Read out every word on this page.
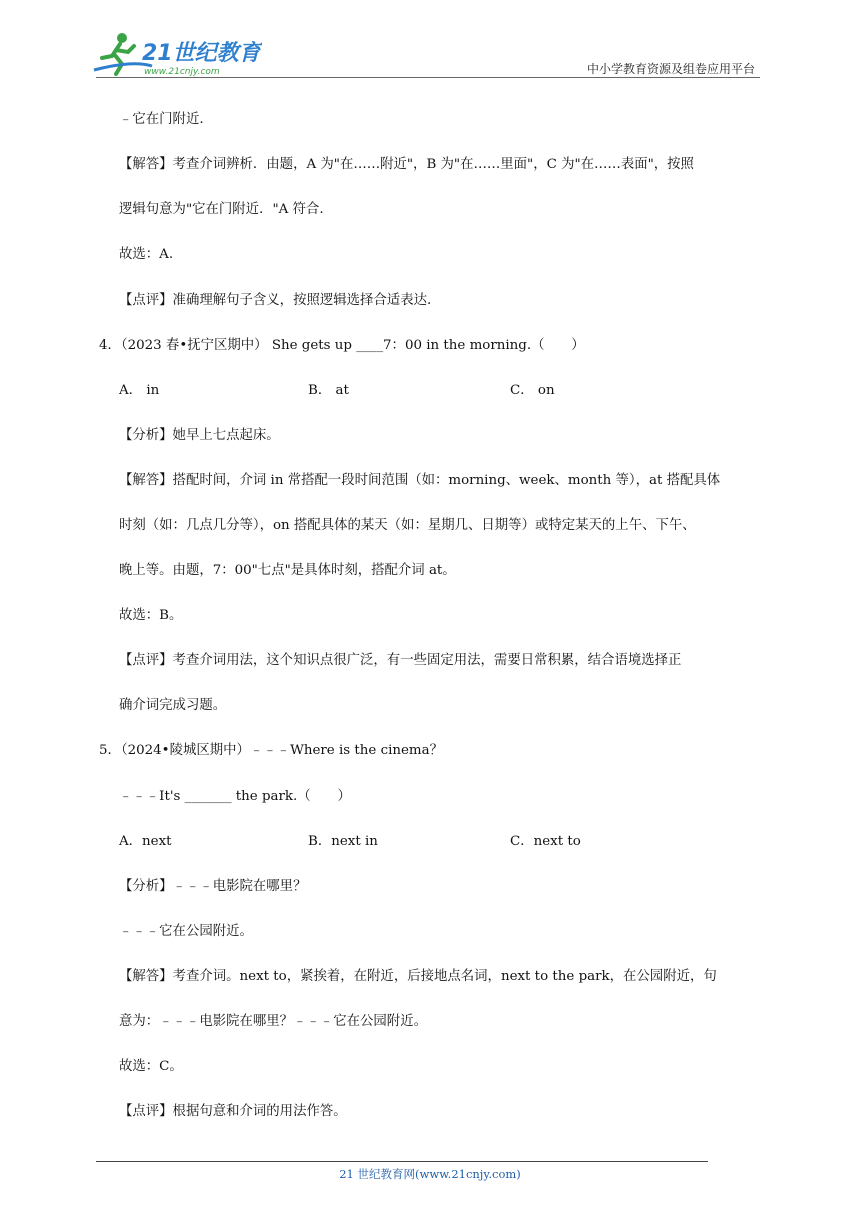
21世纪教育
www.21cnjy.com	中小学教育资源及组卷应用平台
﹣它在门附近.
【解答】考查介词辨析．由题，A 为"在……附近"，B 为"在……里面"，C 为"在……表面"，按照
逻辑句意为"它在门附近．"A 符合.
故选：A.
【点评】准确理解句子含义，按照逻辑选择合适表达.
4．（2023 春•抚宁区期中） She gets up ____7：00 in the morning.（　　）
A． in	B． at	C． on
【分析】她早上七点起床。
【解答】搭配时间，介词 in 常搭配一段时间范围（如：morning、week、month 等），at 搭配具体
时刻（如：几点几分等），on 搭配具体的某天（如：星期几、日期等）或特定某天的上午、下午、
晚上等。由题，7：00"七点"是具体时刻，搭配介词 at。
故选：B。
【点评】考查介词用法，这个知识点很广泛，有一些固定用法，需要日常积累，结合语境选择正
确介词完成习题。
5．（2024•陵城区期中）﹣﹣﹣Where is the cinema？
﹣﹣﹣It's _______ the park.（　　）
A．next	B．next in	C．next to
【分析】﹣﹣﹣电影院在哪里？
﹣﹣﹣它在公园附近。
【解答】考查介词。next to，紧挨着，在附近，后接地点名词，next to the park，在公园附近，句
意为：﹣﹣﹣电影院在哪里？﹣﹣﹣它在公园附近。
故选：C。
【点评】根据句意和介词的用法作答。
21 世纪教育网(www.21cnjy.com)
